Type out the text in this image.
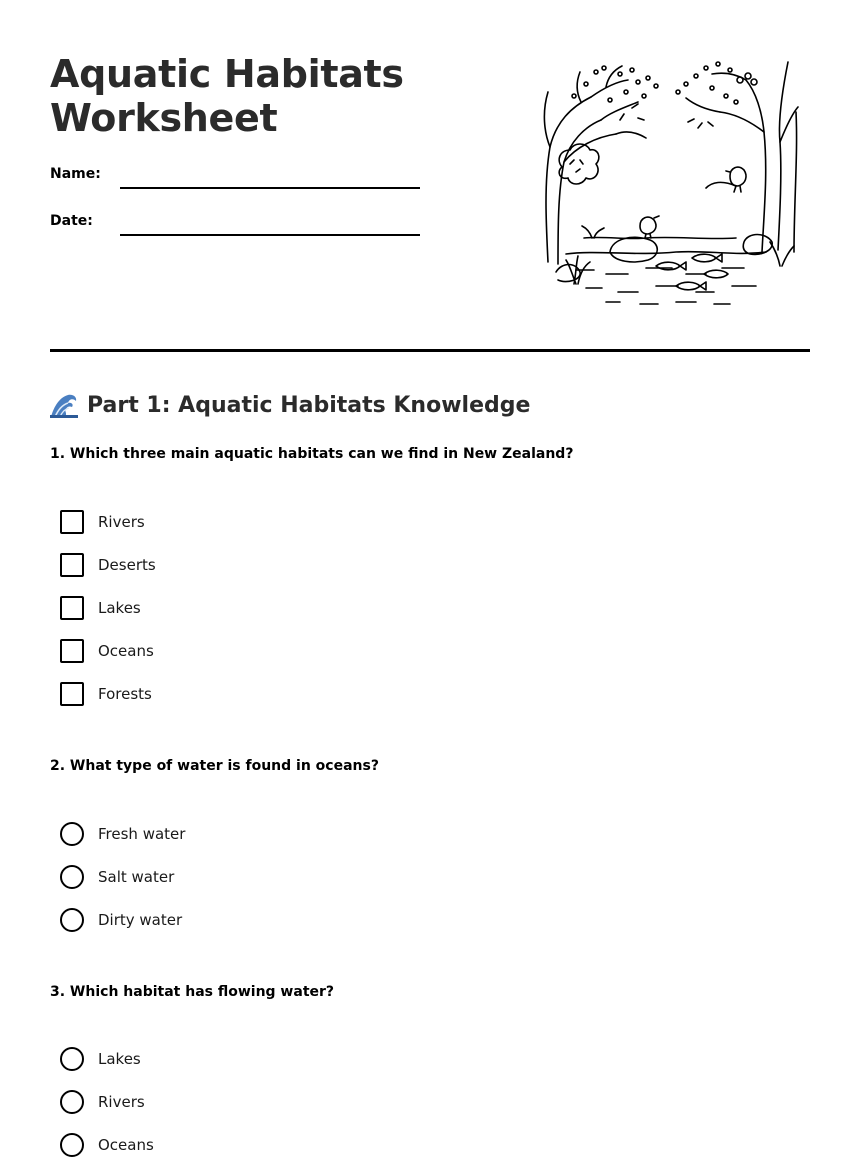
Aquatic Habitats Worksheet
Name:
Date:
Part 1: Aquatic Habitats Knowledge
1. Which three main aquatic habitats can we find in New Zealand?
Rivers
Deserts
Lakes
Oceans
Forests
2. What type of water is found in oceans?
Fresh water
Salt water
Dirty water
3. Which habitat has flowing water?
Lakes
Rivers
Oceans
